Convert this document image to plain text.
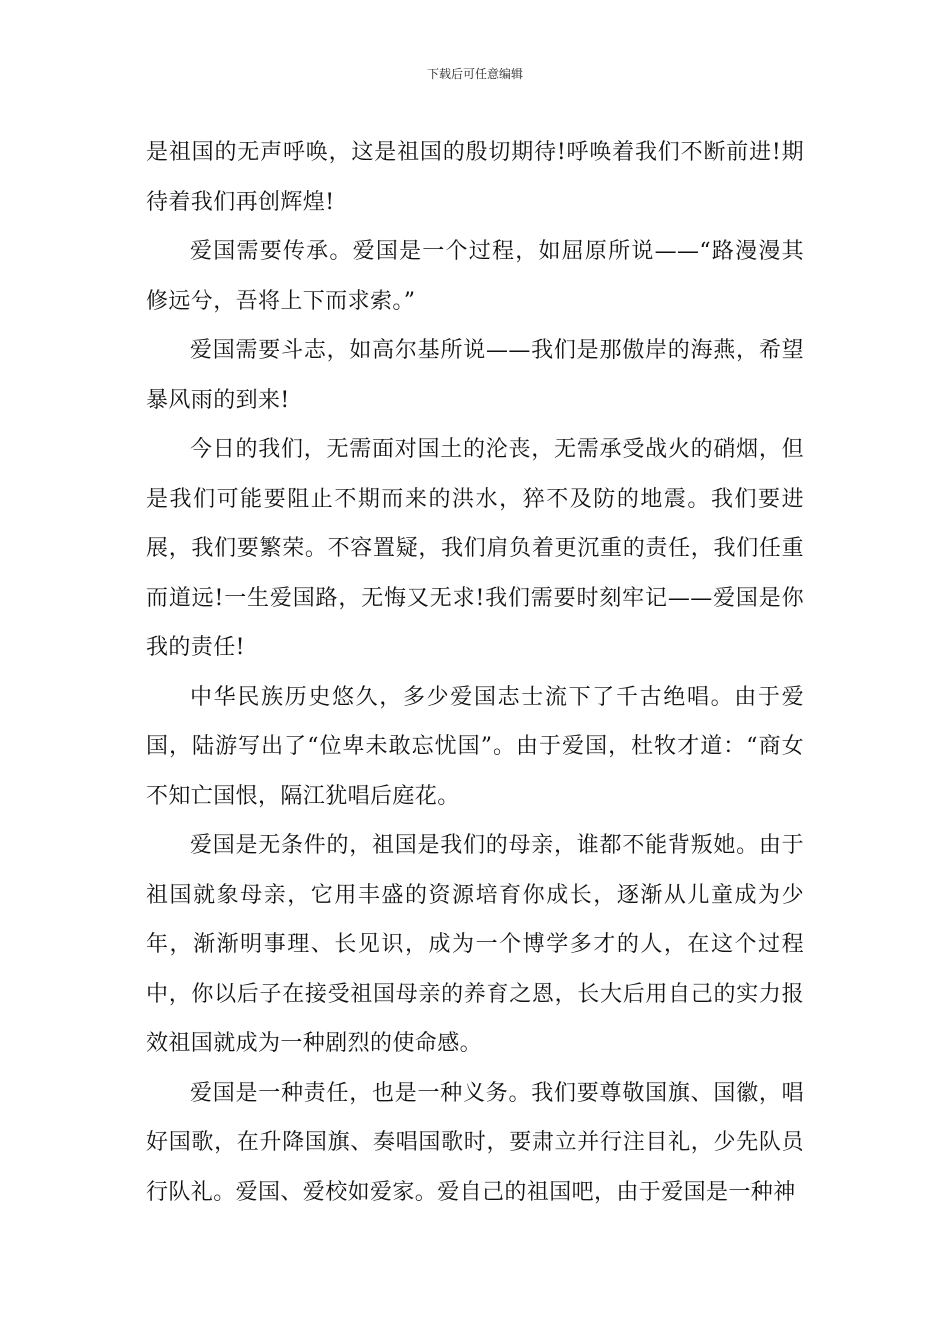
下载后可任意编辑

是祖国的无声呼唤，这是祖国的殷切期待!呼唤着我们不断前进!期待着我们再创辉煌!

爱国需要传承。爱国是一个过程，如屈原所说——“路漫漫其修远兮，吾将上下而求索。”

爱国需要斗志，如高尔基所说——我们是那傲岸的海燕，希望暴风雨的到来!

今日的我们，无需面对国土的沦丧，无需承受战火的硝烟，但是我们可能要阻止不期而来的洪水，猝不及防的地震。我们要进展，我们要繁荣。不容置疑，我们肩负着更沉重的责任，我们任重而道远!一生爱国路，无悔又无求!我们需要时刻牢记——爱国是你我的责任!

中华民族历史悠久，多少爱国志士流下了千古绝唱。由于爱国，陆游写出了“位卑未敢忘忧国”。由于爱国，杜牧才道：“商女不知亡国恨，隔江犹唱后庭花。

爱国是无条件的，祖国是我们的母亲，谁都不能背叛她。由于祖国就象母亲，它用丰盛的资源培育你成长，逐渐从儿童成为少年，渐渐明事理、长见识，成为一个博学多才的人，在这个过程中，你以后子在接受祖国母亲的养育之恩，长大后用自己的实力报效祖国就成为一种剧烈的使命感。

爱国是一种责任，也是一种义务。我们要尊敬国旗、国徽，唱好国歌，在升降国旗、奏唱国歌时，要肃立并行注目礼，少先队员行队礼。爱国、爱校如爱家。爱自己的祖国吧，由于爱国是一种神
